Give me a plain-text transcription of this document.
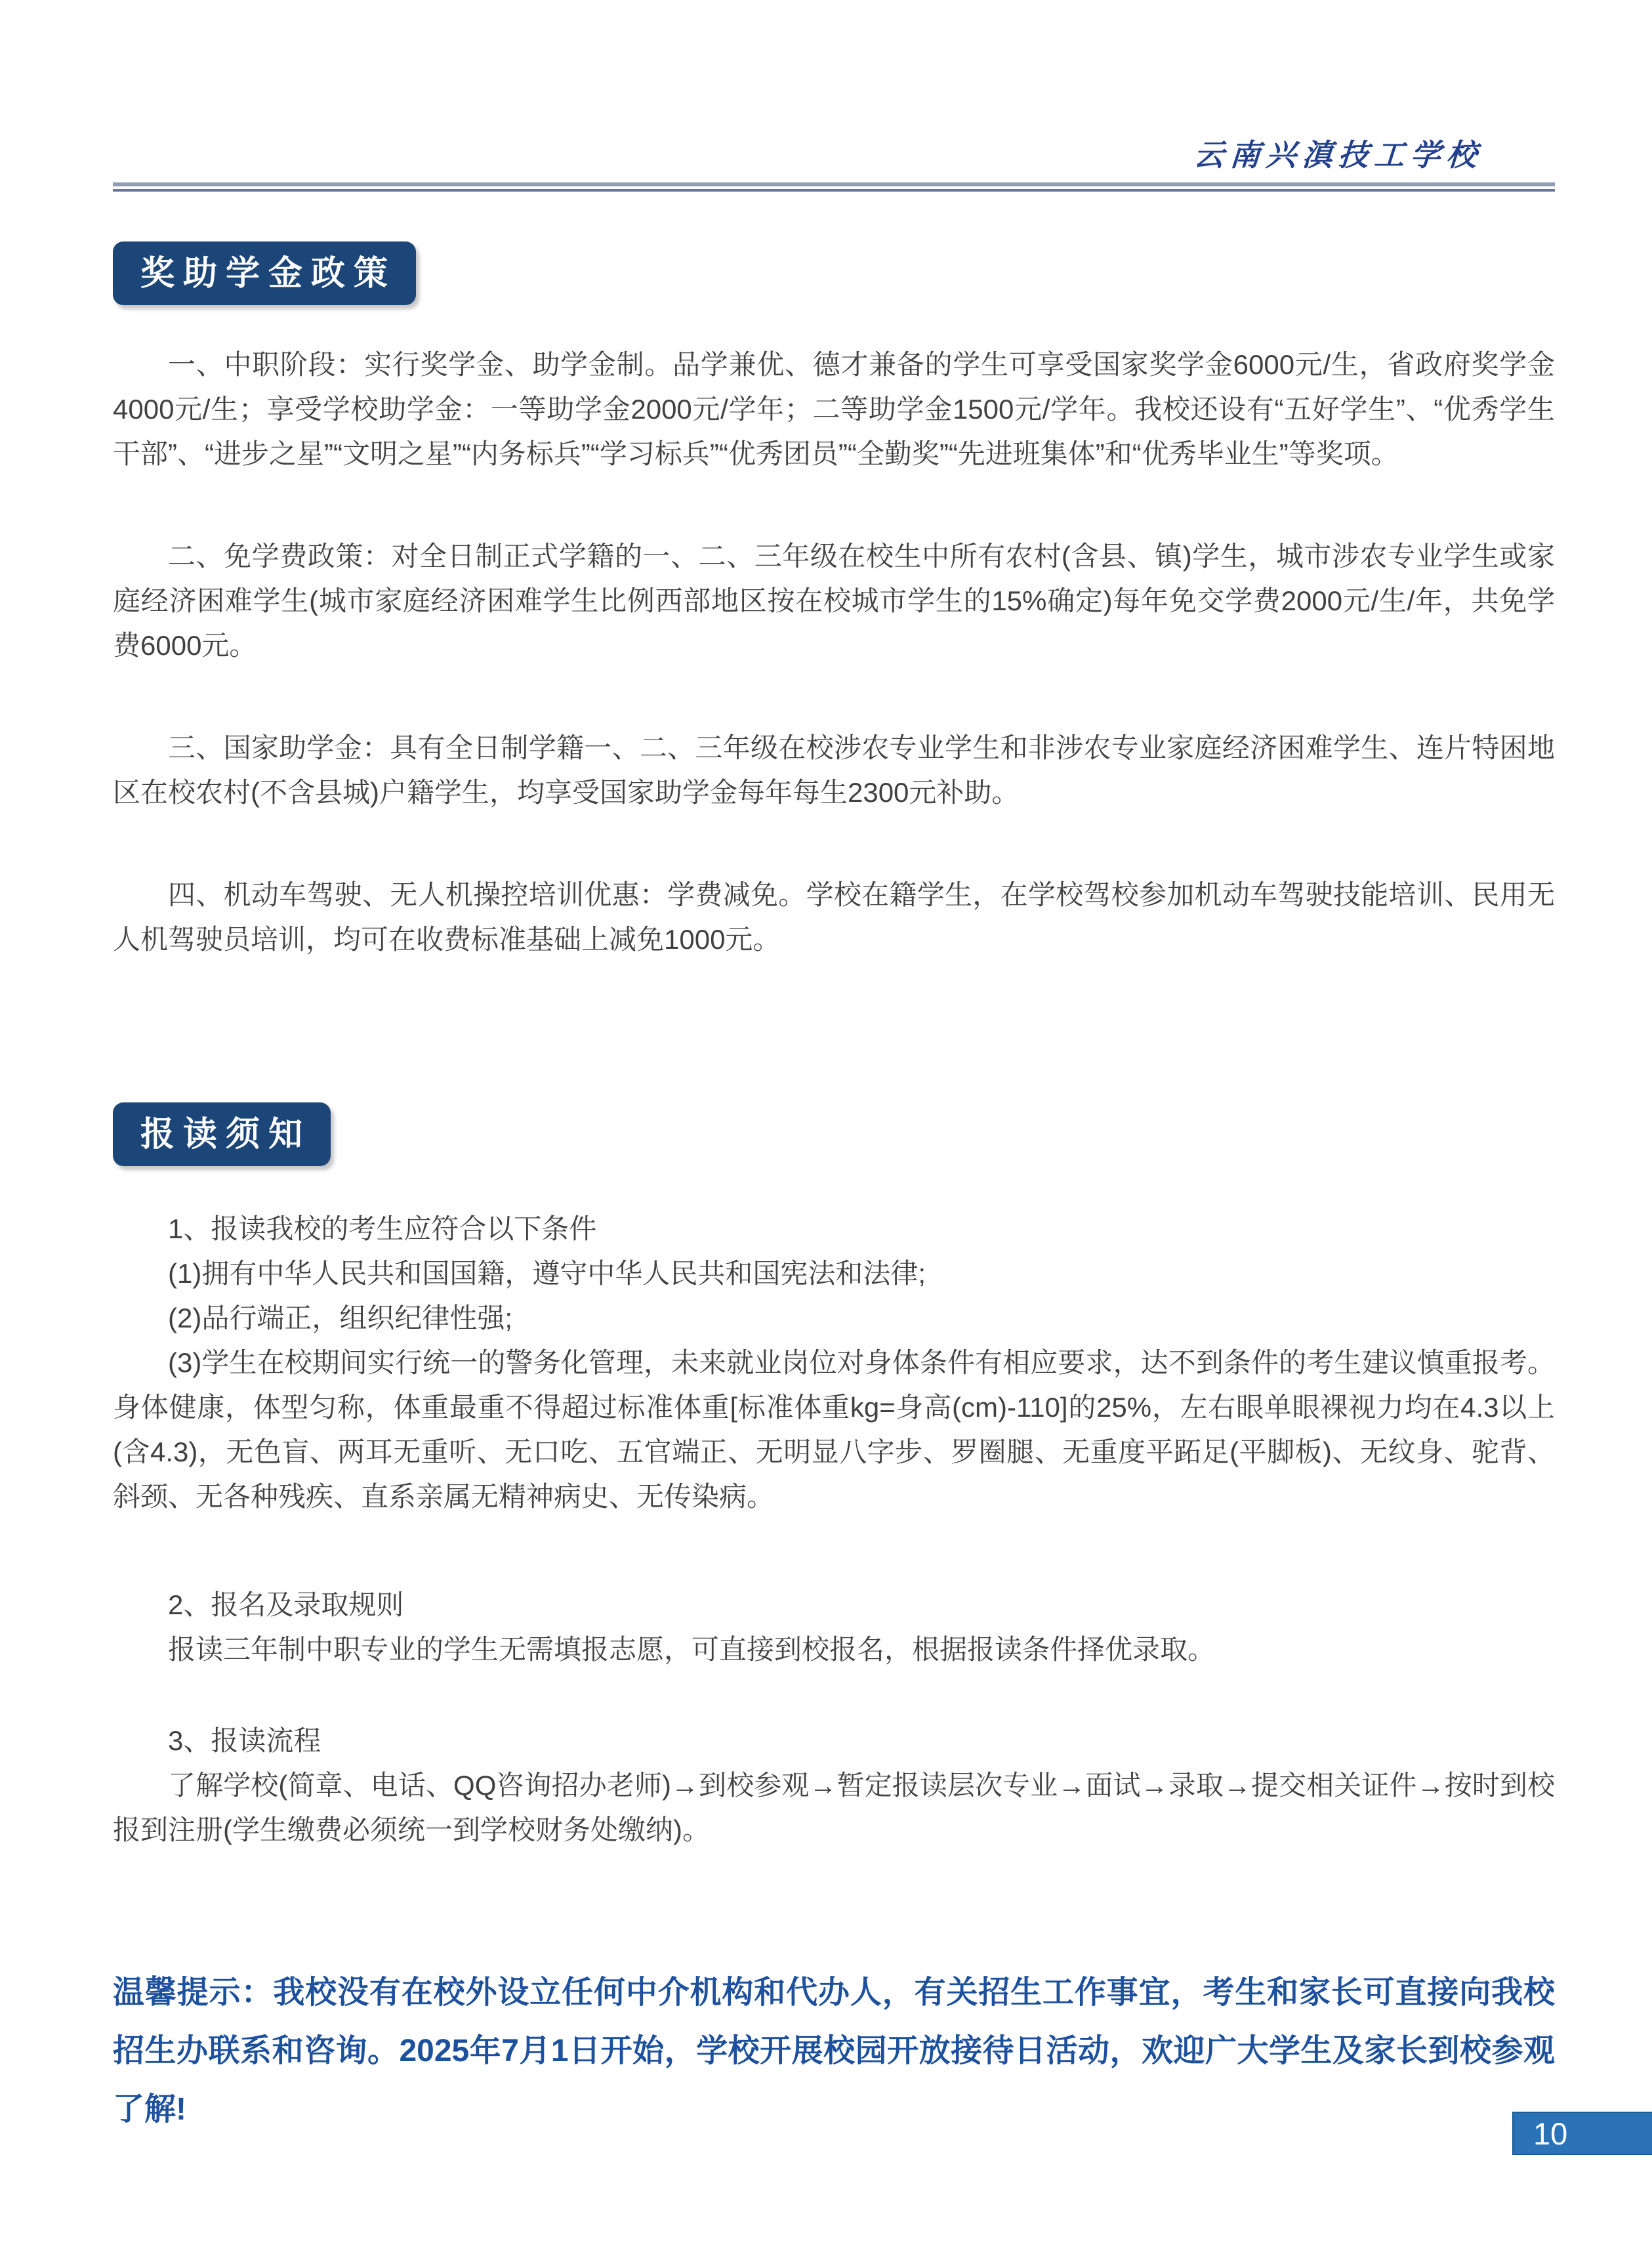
云南兴滇技工学校
奖助学金政策

一、中职阶段：实行奖学金、助学金制。品学兼优、德才兼备的学生可享受国家奖学金6000元/生，省政府奖学金4000元/生；享受学校助学金：一等助学金2000元/学年；二等助学金1500元/学年。我校还设有“五好学生”、“优秀学生干部”、“进步之星”“文明之星”“内务标兵”“学习标兵”“优秀团员”“全勤奖”“先进班集体”和“优秀毕业生”等奖项。

二、免学费政策：对全日制正式学籍的一、二、三年级在校生中所有农村(含县、镇)学生，城市涉农专业学生或家庭经济困难学生(城市家庭经济困难学生比例西部地区按在校城市学生的15%确定)每年免交学费2000元/生/年，共免学费6000元。

三、国家助学金：具有全日制学籍一、二、三年级在校涉农专业学生和非涉农专业家庭经济困难学生、连片特困地区在校农村(不含县城)户籍学生，均享受国家助学金每年每生2300元补助。

四、机动车驾驶、无人机操控培训优惠：学费减免。学校在籍学生，在学校驾校参加机动车驾驶技能培训、民用无人机驾驶员培训，均可在收费标准基础上减免1000元。

报读须知

1、报读我校的考生应符合以下条件

(1)拥有中华人民共和国国籍，遵守中华人民共和国宪法和法律;

(2)品行端正，组织纪律性强;

(3)学生在校期间实行统一的警务化管理，未来就业岗位对身体条件有相应要求，达不到条件的考生建议慎重报考。身体健康，体型匀称，体重最重不得超过标准体重[标准体重kg=身高(cm)-110]的25%，左右眼单眼裸视力均在4.3以上(含4.3)，无色盲、两耳无重听、无口吃、五官端正、无明显八字步、罗圈腿、无重度平跖足(平脚板)、无纹身、驼背、斜颈、无各种残疾、直系亲属无精神病史、无传染病。

2、报名及录取规则

报读三年制中职专业的学生无需填报志愿，可直接到校报名，根据报读条件择优录取。

3、报读流程

了解学校(简章、电话、QQ咨询招办老师)→到校参观→暂定报读层次专业→面试→录取→提交相关证件→按时到校报到注册(学生缴费必须统一到学校财务处缴纳)。

温馨提示：我校没有在校外设立任何中介机构和代办人，有关招生工作事宜，考生和家长可直接向我校招生办联系和咨询。2025年7月1日开始，学校开展校园开放接待日活动，欢迎广大学生及家长到校参观了解!

10
